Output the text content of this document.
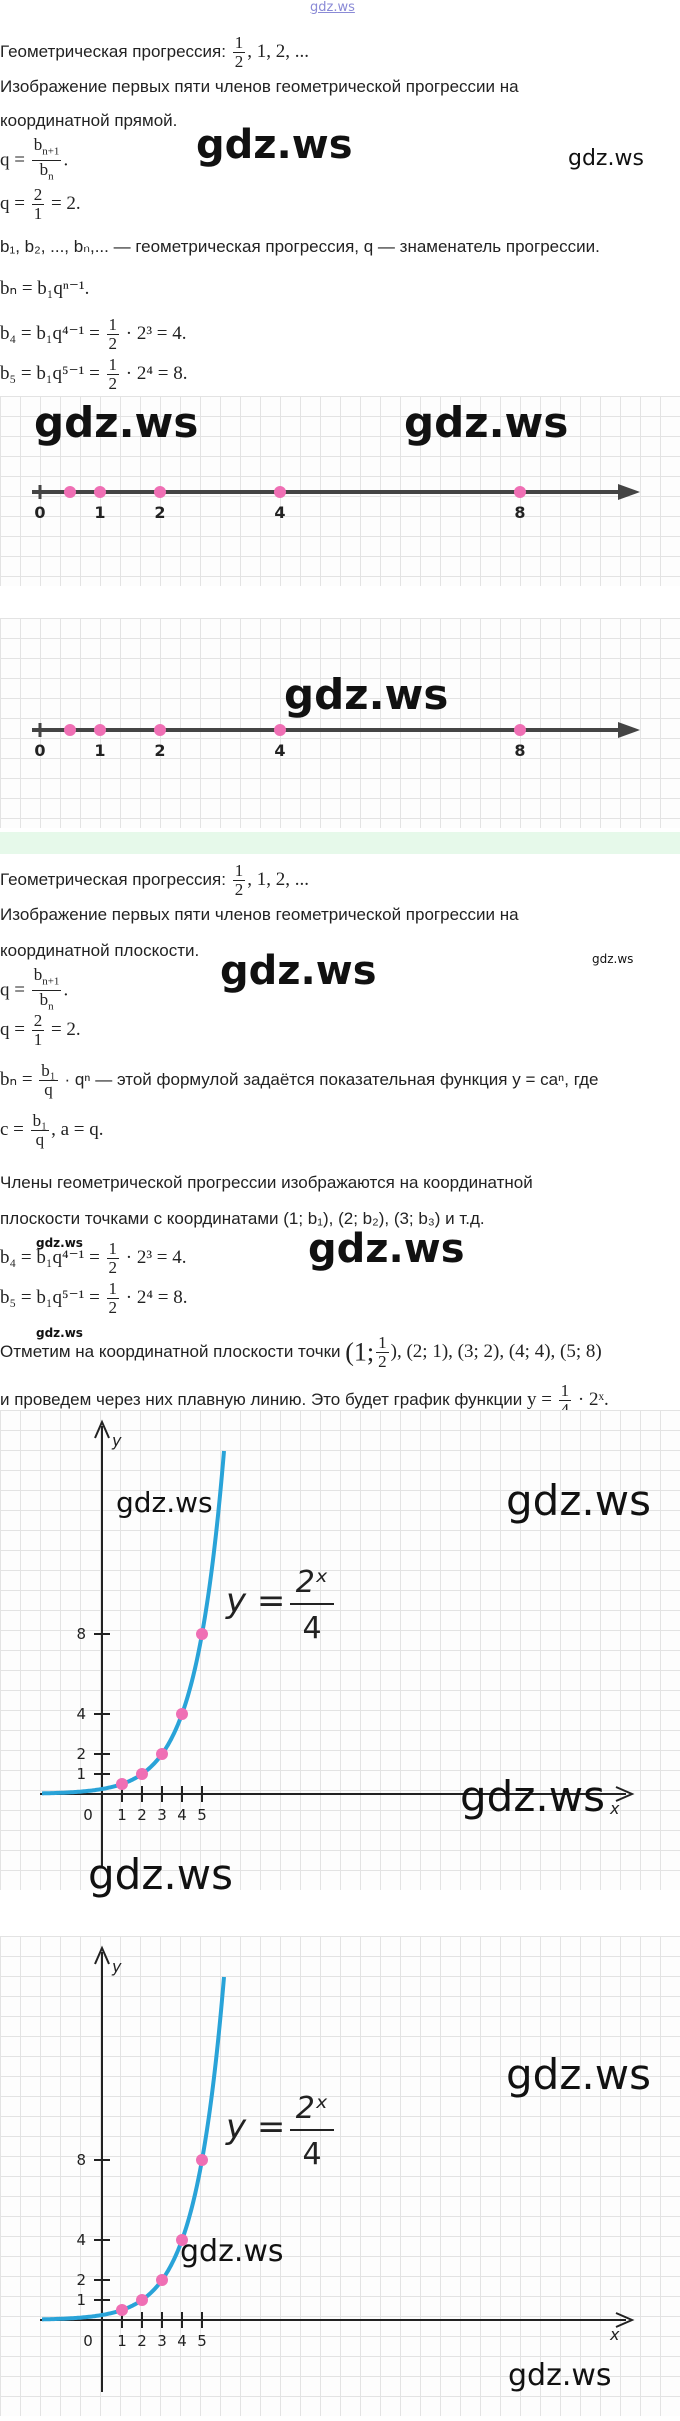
gdz.ws
Геометрическая прогрессия: $\frac{1}{2}$ , 1, 2, ...
Изображение первых пяти членов геометрической прогрессии на
координатной прямой.
$q = \frac{b_{n+1}}{b_n}$ .
$q = \frac{2}{1} = 2$.
b₁, b₂, ..., bₙ,... — геометрическая прогрессия, q — знаменатель прогрессии.
bₙ = b₁qⁿ⁻¹.
$b_4 = b_1q^{4-1} = \frac{1}{2} \cdot 2^3 = 4$.
$b_5 = b_1q^{5-1} = \frac{1}{2} \cdot 2^4 = 8$.
gdz.ws	gdz.ws
0	1	2	4	8
gdz.ws	gdz.ws
0	1	2	4	8
gdz.ws
Геометрическая прогрессия: $\frac{1}{2}$ , 1, 2, ...
Изображение первых пяти членов геометрической прогрессии на
координатной плоскости.
$q = \frac{b_{n+1}}{b_n}$ .
$q = \frac{2}{1} = 2$.
$b_n = \frac{\text{b₁}}{q} \cdot q^n$ — этой формулой задаётся показательная функция y = caⁿ, где
$c = \frac{\text{b₁}}{q}$ , a = q.
Члены геометрической прогрессии изображаются на координатной
плоскости точками с координатами (1; b₁), (2; b₂), (3; b₃) и т.д.
$b_4 = b_1q^{4-1} = \frac{1}{2} \cdot 2^3 = 4$.
$b_5 = b_1q^{5-1} = \frac{1}{2} \cdot 2^4 = 8$.
Отметим на координатной плоскости точки (1; $\frac{1}{2}$ ), (2; 1), (3; 2), (4; 4), (5; 8)
и проведем через них плавную линию. Это будет график функции y = 1 · 2ˣ.
gdz.ws	gdz.ws
gdz.ws
gdz.ws
gdz.ws
x
y
0 1 2 3 4 5
1
2
4
8
y = 2ˣ
4
gdz.ws	gdz.ws
gdz.ws
gdz.ws
x
y
0 1 2 3 4 5
1
2
4
8
y = 2ˣ
4
gdz.ws
gdz.ws
gdz.ws
